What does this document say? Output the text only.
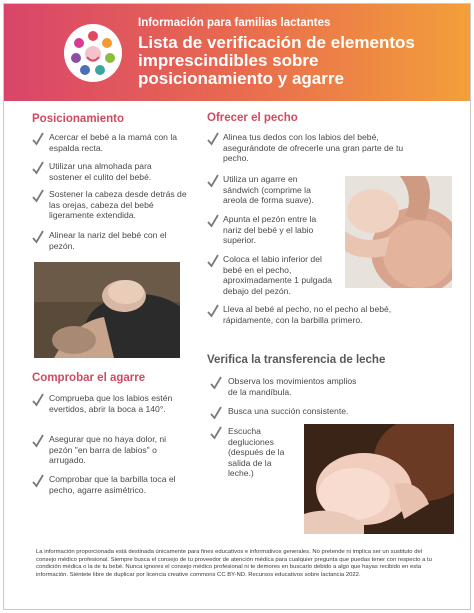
Información para familias lactantes
Lista de verificación de elementos imprescindibles sobre posicionamiento y agarre
Posicionamiento
Acercar el bebé a la mamá con la espalda recta.
Utilizar una almohada para sostener el culito del bebé.
Sostener la cabeza desde detrás de las orejas, cabeza del bebé ligeramente extendida.
Alinear la nariz del bebé con el pezón.
Comprobar el agarre
Comprueba que los labios estén evertidos, abrir la boca a 140°.
Asegurar que no haya dolor, ni pezón "en barra de labios" o arrugado.
Comprobar que la barbilla toca el pecho, agarre asimétrico.
Ofrecer el pecho
Alinea tus dedos con los labios del bebé, asegurándote de ofrecerle una gran parte de tu pecho.
Utiliza un agarre en sándwich (comprime la areola de forma suave).
Apunta el pezón entre la nariz del bebé y el labio superior.
Coloca el labio inferior del bebé en el pecho, aproximadamente 1 pulgada debajo del pezón.
Lleva al bebé al pecho, no el pecho al bebé, rápidamente, con la barbilla primero.
Verifica la transferencia de leche
Observa los movimientos amplios de la mandíbula.
Busca una succión consistente.
Escucha degluciones (después de la salida de la leche.)
La información proporcionada está destinada únicamente para fines educativos e informativos generales. No pretende ni implica ser un sustituto del consejo médico profesional. Siempre busca el consejo de tu proveedor de atención médica para cualquier pregunta que puedas tener con respecto a tu condición médica o la de tu bebé. Nunca ignores el consejo médico profesional ni te demores en buscarlo debido a algo que hayas recibido en esta información. Siéntete libre de duplicar por licencia creative commons CC BY-ND. Recursos educativos sobre lactancia 2022.
